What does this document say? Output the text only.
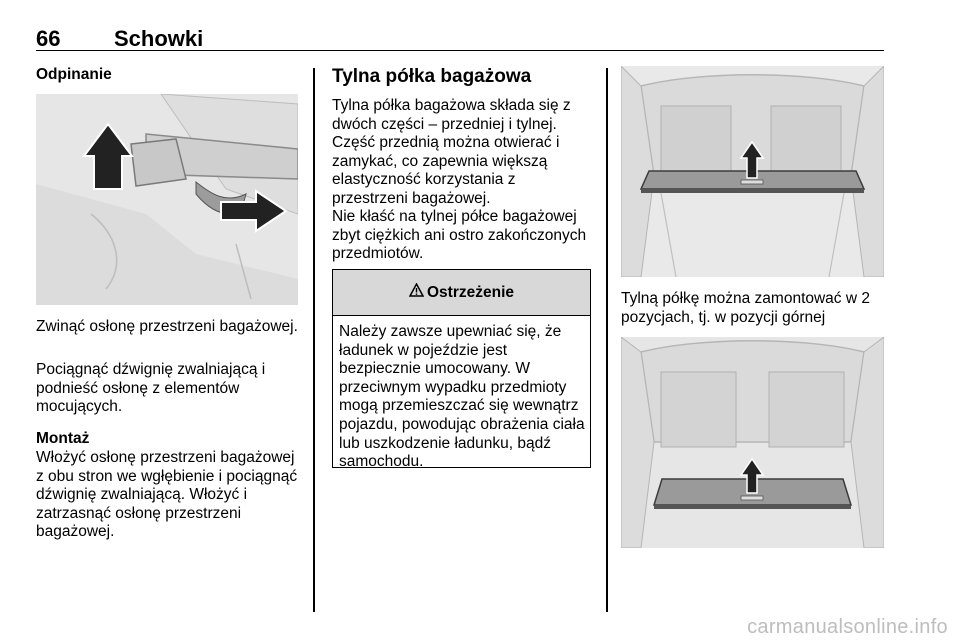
66 Schowki
Odpinanie

Zwinąć osłonę przestrzeni bagażowej.

Pociągnąć dźwignię zwalniającą i podnieść osłonę z elementów mocujących.

Montaż

Włożyć osłonę przestrzeni bagażowej z obu stron we wgłębienie i pociągnąć dźwignię zwalniającą. Włożyć i zatrzasnąć osłonę przestrzeni bagażowej.

Tylna półka bagażowa

Tylna półka bagażowa składa się z dwóch części – przedniej i tylnej. Część przednią można otwierać i zamykać, co zapewnia większą elastyczność korzystania z przestrzeni bagażowej.

Nie kłaść na tylnej półce bagażowej zbyt ciężkich ani ostro zakończonych przedmiotów.

Ostrzeżenie

Należy zawsze upewniać się, że ładunek w pojeździe jest bezpiecznie umocowany. W przeciwnym wypadku przedmioty mogą przemieszczać się wewnątrz pojazdu, powodując obrażenia ciała lub uszkodzenie ładunku, bądź samochodu.

Tylną półkę można zamontować w 2 pozycjach, tj. w pozycji górnej

carmanualsonline.info
